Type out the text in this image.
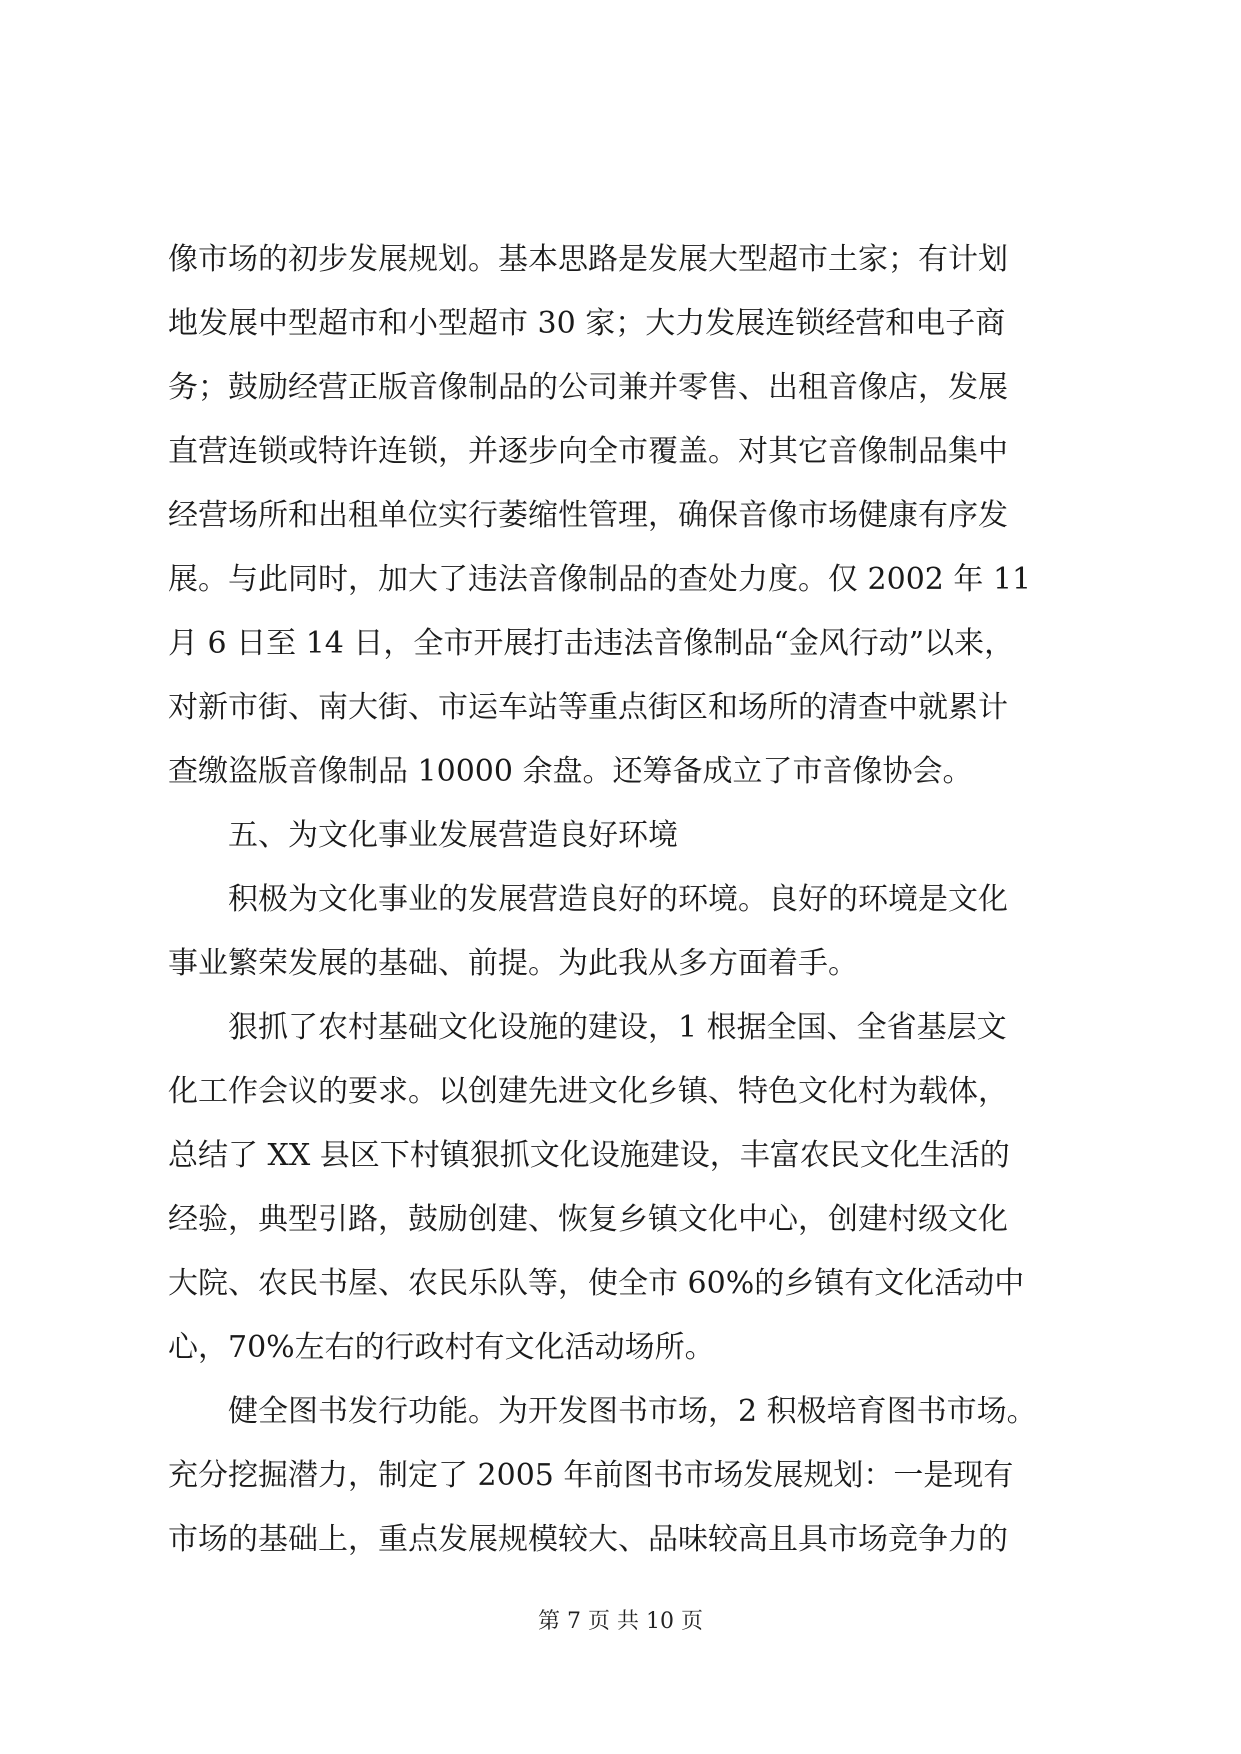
像市场的初步发展规划。基本思路是发展大型超市土家；有计划
地发展中型超市和小型超市 30 家；大力发展连锁经营和电子商
务；鼓励经营正版音像制品的公司兼并零售、出租音像店，发展
直营连锁或特许连锁，并逐步向全市覆盖。对其它音像制品集中
经营场所和出租单位实行萎缩性管理，确保音像市场健康有序发
展。与此同时，加大了违法音像制品的查处力度。仅 2002 年 11
月 6 日至 14 日，全市开展打击违法音像制品“金风行动”以来，
对新市街、南大街、市运车站等重点街区和场所的清查中就累计
查缴盗版音像制品 10000 余盘。还筹备成立了市音像协会。
　　五、为文化事业发展营造良好环境
　　积极为文化事业的发展营造良好的环境。良好的环境是文化
事业繁荣发展的基础、前提。为此我从多方面着手。
　　狠抓了农村基础文化设施的建设，1 根据全国、全省基层文
化工作会议的要求。以创建先进文化乡镇、特色文化村为载体，
总结了 XX 县区下村镇狠抓文化设施建设，丰富农民文化生活的
经验，典型引路，鼓励创建、恢复乡镇文化中心，创建村级文化
大院、农民书屋、农民乐队等，使全市 60%的乡镇有文化活动中
心，70%左右的行政村有文化活动场所。
　　健全图书发行功能。为开发图书市场，2 积极培育图书市场。
充分挖掘潜力，制定了 2005 年前图书市场发展规划：一是现有
市场的基础上，重点发展规模较大、品味较高且具市场竞争力的
第 7 页 共 10 页
